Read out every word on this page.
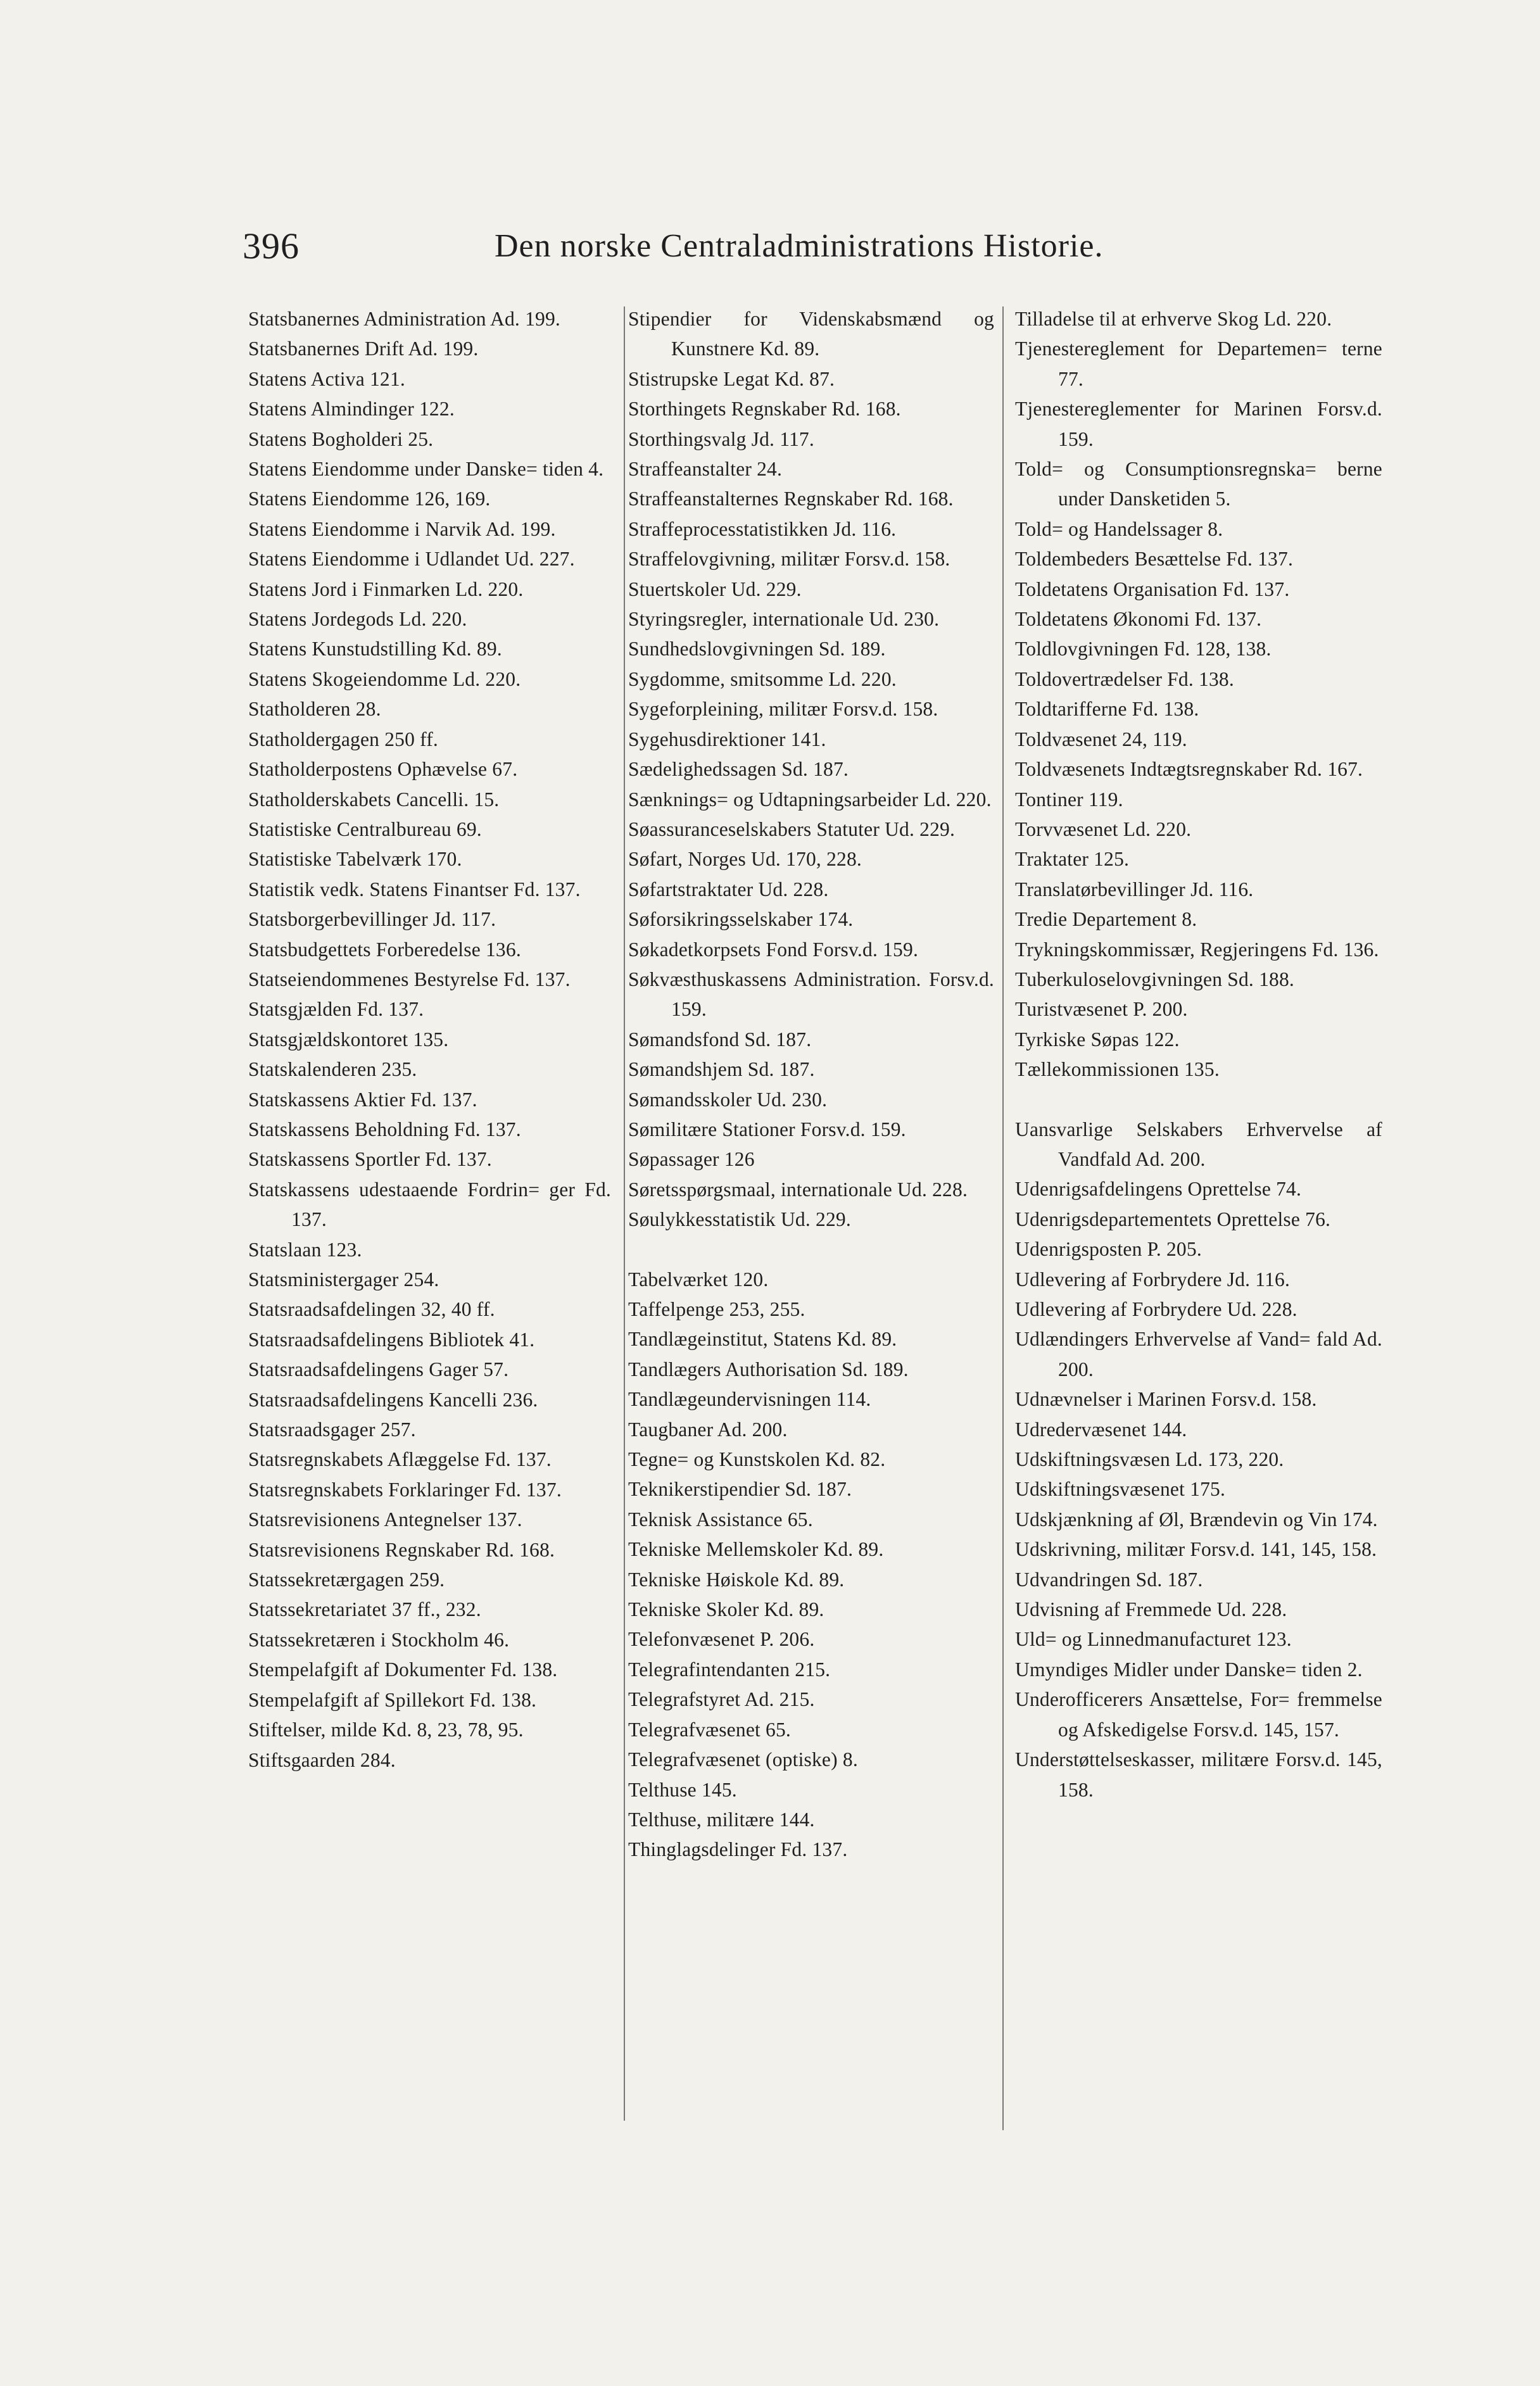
396	Den norske Centraladministrations Historie.
Statsbanernes Administration Ad. 199.
Statsbanernes Drift Ad. 199.
Statens Activa 121.
Statens Almindinger 122.
Statens Bogholderi 25.
Statens Eiendomme under Danske= tiden 4.
Statens Eiendomme 126, 169.
Statens Eiendomme i Narvik Ad. 199.
Statens Eiendomme i Udlandet Ud. 227.
Statens Jord i Finmarken Ld. 220.
Statens Jordegods Ld. 220.
Statens Kunstudstilling Kd. 89.
Statens Skogeiendomme Ld. 220.
Statholderen 28.
Statholdergagen 250 ff.
Statholderpostens Ophævelse 67.
Statholderskabets Cancelli. 15.
Statistiske Centralbureau 69.
Statistiske Tabelværk 170.
Statistik vedk. Statens Finantser Fd. 137.
Statsborgerbevillinger Jd. 117.
Statsbudgettets Forberedelse 136.
Statseiendommenes Bestyrelse Fd. 137.
Statsgjælden Fd. 137.
Statsgjældskontoret 135.
Statskalenderen 235.
Statskassens Aktier Fd. 137.
Statskassens Beholdning Fd. 137.
Statskassens Sportler Fd. 137.
Statskassens udestaaende Fordrin= ger Fd. 137.
Statslaan 123.
Statsministergager 254.
Statsraadsafdelingen 32, 40 ff.
Statsraadsafdelingens Bibliotek 41.
Statsraadsafdelingens Gager 57.
Statsraadsafdelingens Kancelli 236.
Statsraadsgager 257.
Statsregnskabets Aflæggelse Fd. 137.
Statsregnskabets Forklaringer Fd. 137.
Statsrevisionens Antegnelser 137.
Statsrevisionens Regnskaber Rd. 168.
Statssekretærgagen 259.
Statssekretariatet 37 ff., 232.
Statssekretæren i Stockholm 46.
Stempelafgift af Dokumenter Fd. 138.
Stempelafgift af Spillekort Fd. 138.
Stiftelser, milde Kd. 8, 23, 78, 95.
Stiftsgaarden 284.
Stipendier for Videnskabsmænd og Kunstnere Kd. 89.
Stistrupske Legat Kd. 87.
Storthingets Regnskaber Rd. 168.
Storthingsvalg Jd. 117.
Straffeanstalter 24.
Straffeanstalternes Regnskaber Rd. 168.
Straffeprocesstatistikken Jd. 116.
Straffelovgivning, militær Forsv.d. 158.
Stuertskoler Ud. 229.
Styringsregler, internationale Ud. 230.
Sundhedslovgivningen Sd. 189.
Sygdomme, smitsomme Ld. 220.
Sygeforpleining, militær Forsv.d. 158.
Sygehusdirektioner 141.
Sædelighedssagen Sd. 187.
Sænknings= og Udtapningsarbeider Ld. 220.
Søassuranceselskabers Statuter Ud. 229.
Søfart, Norges Ud. 170, 228.
Søfartstraktater Ud. 228.
Søforsikringsselskaber 174.
Søkadetkorpsets Fond Forsv.d. 159.
Søkvæsthuskassens Administration. Forsv.d. 159.
Sømandsfond Sd. 187.
Sømandshjem Sd. 187.
Sømandsskoler Ud. 230.
Sømilitære Stationer Forsv.d. 159.
Søpassager 126
Søretsspørgsmaal, internationale Ud. 228.
Søulykkesstatistik Ud. 229.
Tabelværket 120.
Taffelpenge 253, 255.
Tandlægeinstitut, Statens Kd. 89.
Tandlægers Authorisation Sd. 189.
Tandlægeundervisningen 114.
Taugbaner Ad. 200.
Tegne= og Kunstskolen Kd. 82.
Teknikerstipendier Sd. 187.
Teknisk Assistance 65.
Tekniske Mellemskoler Kd. 89.
Tekniske Høiskole Kd. 89.
Tekniske Skoler Kd. 89.
Telefonvæsenet P. 206.
Telegrafintendanten 215.
Telegrafstyret Ad. 215.
Telegrafvæsenet 65.
Telegrafvæsenet (optiske) 8.
Telthuse 145.
Telthuse, militære 144.
Thinglagsdelinger Fd. 137.
Tilladelse til at erhverve Skog Ld. 220.
Tjenestereglement for Departemen= terne 77.
Tjenestereglementer for Marinen Forsv.d. 159.
Told= og Consumptionsregnska= berne under Dansketiden 5.
Told= og Handelssager 8.
Toldembeders Besættelse Fd. 137.
Toldetatens Organisation Fd. 137.
Toldetatens Økonomi Fd. 137.
Toldlovgivningen Fd. 128, 138.
Toldovertrædelser Fd. 138.
Toldtarifferne Fd. 138.
Toldvæsenet 24, 119.
Toldvæsenets Indtægtsregnskaber Rd. 167.
Tontiner 119.
Torvvæsenet Ld. 220.
Traktater 125.
Translatørbevillinger Jd. 116.
Tredie Departement 8.
Trykningskommissær, Regjeringens Fd. 136.
Tuberkuloselovgivningen Sd. 188.
Turistvæsenet P. 200.
Tyrkiske Søpas 122.
Tællekommissionen 135.
Uansvarlige Selskabers Erhvervelse af Vandfald Ad. 200.
Udenrigsafdelingens Oprettelse 74.
Udenrigsdepartementets Oprettelse 76.
Udenrigsposten P. 205.
Udlevering af Forbrydere Jd. 116.
Udlevering af Forbrydere Ud. 228.
Udlændingers Erhvervelse af Vand= fald Ad. 200.
Udnævnelser i Marinen Forsv.d. 158.
Udredervæsenet 144.
Udskiftningsvæsen Ld. 173, 220.
Udskiftningsvæsenet 175.
Udskjænkning af Øl, Brændevin og Vin 174.
Udskrivning, militær Forsv.d. 141, 145, 158.
Udvandringen Sd. 187.
Udvisning af Fremmede Ud. 228.
Uld= og Linnedmanufacturet 123.
Umyndiges Midler under Danske= tiden 2.
Underofficerers Ansættelse, For= fremmelse og Afskedigelse Forsv.d. 145, 157.
Understøttelseskasser, militære Forsv.d. 145, 158.
